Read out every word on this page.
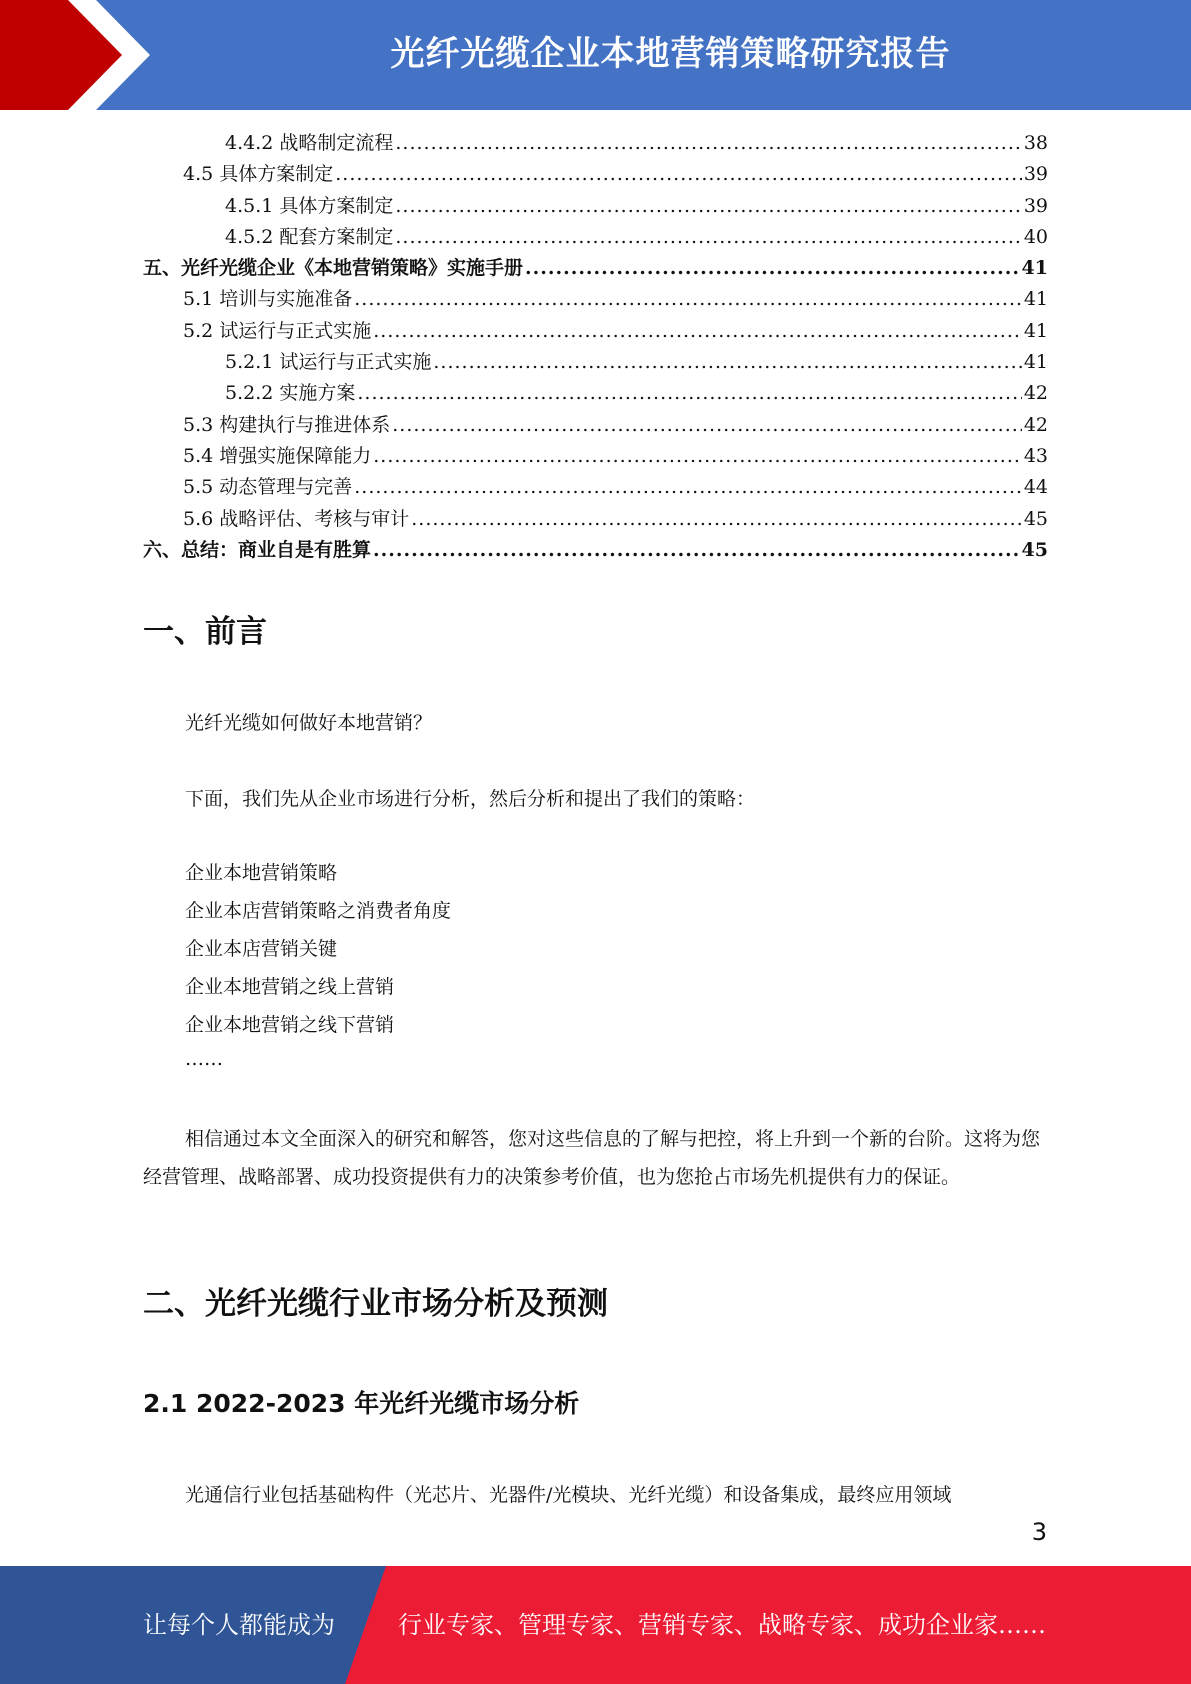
光纤光缆企业本地营销策略研究报告
4.4.2 战略制定流程 .....	38
4.5 具体方案制定 .....	39
4.5.1 具体方案制定 .....	39
4.5.2 配套方案制定 .....	40
五、光纤光缆企业《本地营销策略》实施手册 .....	41
5.1 培训与实施准备 .....	41
5.2 试运行与正式实施 .....	41
5.2.1 试运行与正式实施 .....	41
5.2.2 实施方案 .....	42
5.3 构建执行与推进体系 .....	42
5.4 增强实施保障能力 .....	43
5.5 动态管理与完善 .....	44
5.6 战略评估、考核与审计 .....	45
六、总结：商业自是有胜算 .....	45
一、前言

光纤光缆如何做好本地营销？

下面，我们先从企业市场进行分析，然后分析和提出了我们的策略：

企业本地营销策略
企业本店营销策略之消费者角度
企业本店营销关键
企业本地营销之线上营销
企业本地营销之线下营销
……

相信通过本文全面深入的研究和解答，您对这些信息的了解与把控，将上升到一个新的台阶。这将为您经营管理、战略部署、成功投资提供有力的决策参考价值，也为您抢占市场先机提供有力的保证。

二、光纤光缆行业市场分析及预测
2.1 2022-2023 年光纤光缆市场分析

光通信行业包括基础构件（光芯片、光器件/光模块、光纤光缆）和设备集成，最终应用领域

3
让每个人都能成为	行业专家、管理专家、营销专家、战略专家、成功企业家……
